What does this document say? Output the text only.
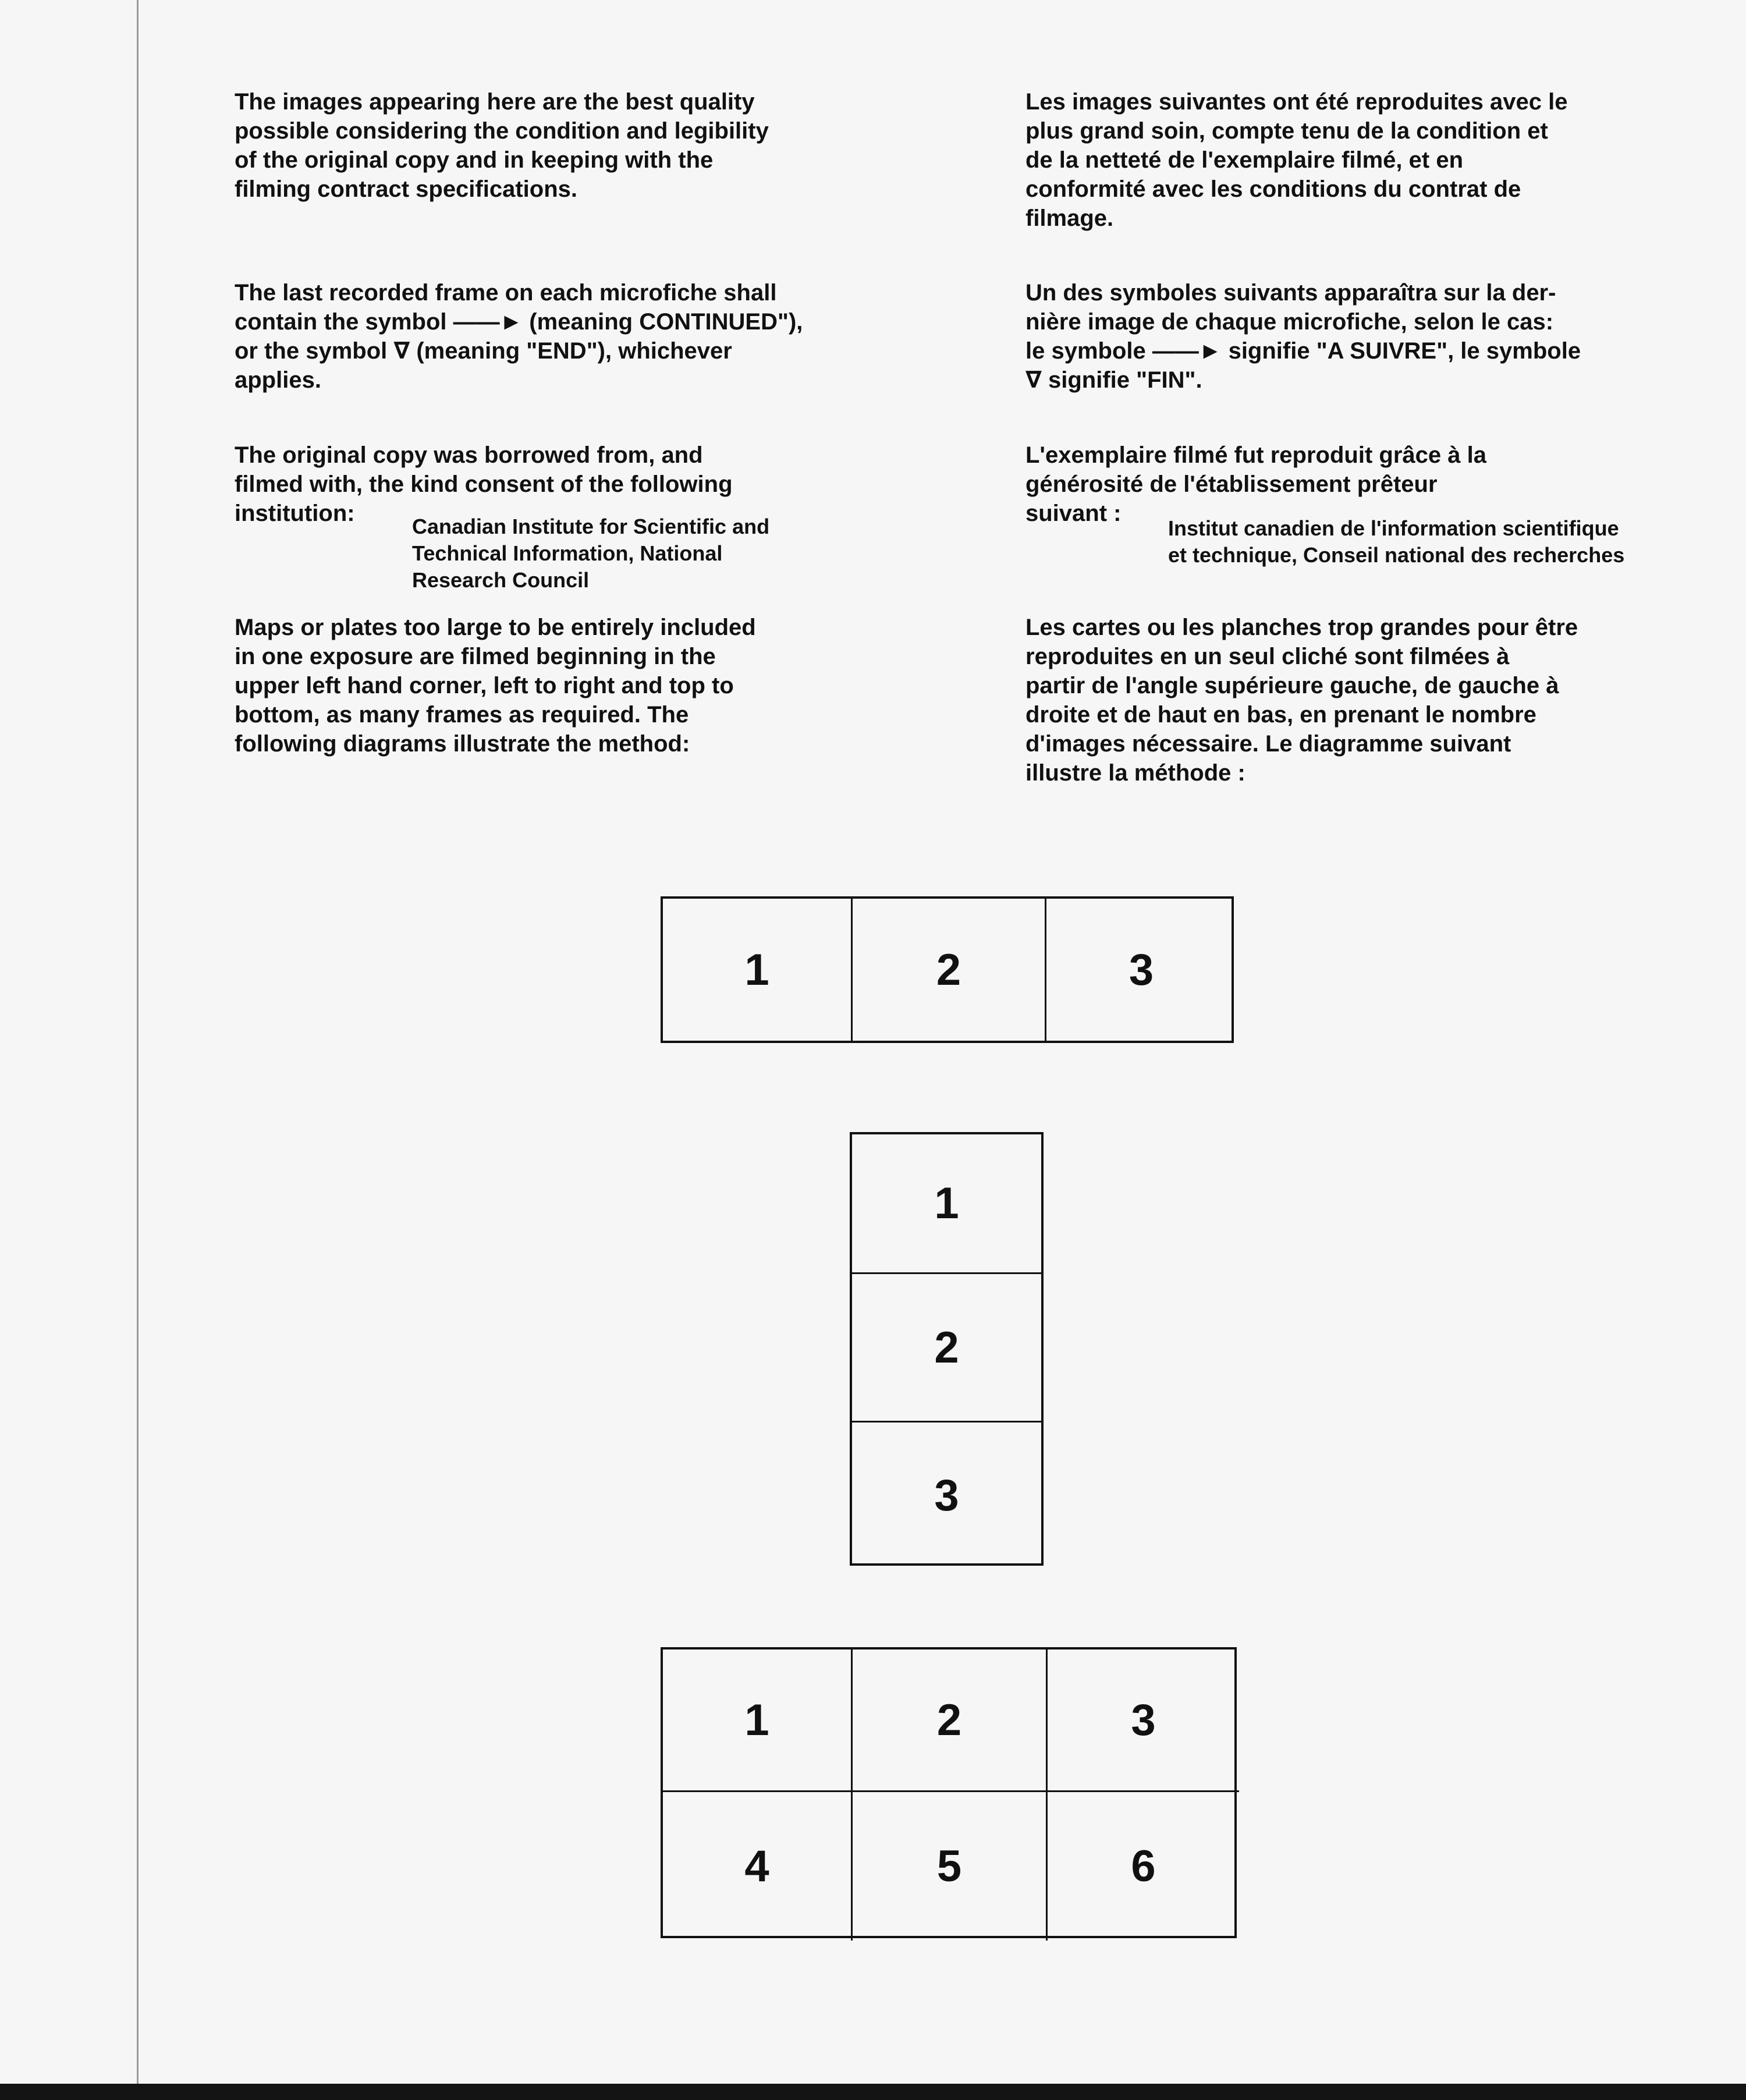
The images appearing here are the best quality
possible considering the condition and legibility
of the original copy and in keeping with the
filming contract specifications.

The last recorded frame on each microfiche shall
contain the symbol ——► (meaning CONTINUED"),
or the symbol ∇ (meaning "END"), whichever
applies.

The original copy was borrowed from, and
filmed with, the kind consent of the following

institution:

Canadian Institute for Scientific and
Technical Information, National
Research Council

Maps or plates too large to be entirely included
in one exposure are filmed beginning in the
upper left hand corner, left to right and top to
bottom, as many frames as required. The
following diagrams illustrate the method:

Les images suivantes ont été reproduites avec le
plus grand soin, compte tenu de la condition et
de la netteté de l'exemplaire filmé, et en
conformité avec les conditions du contrat de
filmage.

Un des symboles suivants apparaîtra sur la der-
nière image de chaque microfiche, selon le cas:
le symbole ——► signifie "A SUIVRE", le symbole
∇ signifie "FIN".

L'exemplaire filmé fut reproduit grâce à la
générosité de l'établissement prêteur

suivant :

Institut canadien de l'information scientifique
et technique, Conseil national des recherches

Les cartes ou les planches trop grandes pour être
reproduites en un seul cliché sont filmées à
partir de l'angle supérieure gauche, de gauche à
droite et de haut en bas, en prenant le nombre
d'images nécessaire. Le diagramme suivant
illustre la méthode :

1	2	3
1
2
3
1	2	3
4	5	6
